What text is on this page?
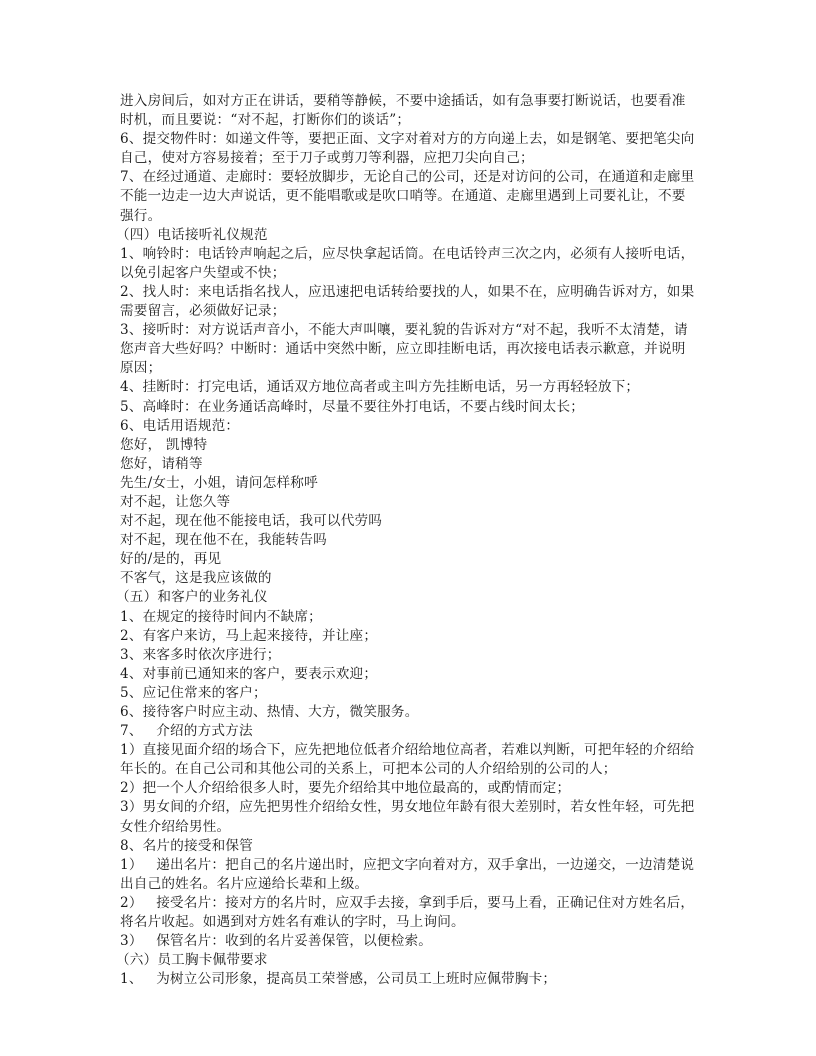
进入房间后，如对方正在讲话，要稍等静候，不要中途插话，如有急事要打断说话，也要看准
时机，而且要说：“对不起，打断你们的谈话”；
6、提交物件时：如递文件等，要把正面、文字对着对方的方向递上去，如是钢笔、要把笔尖向
自己，使对方容易接着；至于刀子或剪刀等利器，应把刀尖向自己；
7、在经过通道、走廊时：要轻放脚步，无论自己的公司，还是对访问的公司，在通道和走廊里
不能一边走一边大声说话，更不能唱歌或是吹口哨等。在通道、走廊里遇到上司要礼让，不要
强行。
（四）电话接听礼仪规范
1、响铃时：电话铃声响起之后，应尽快拿起话筒。在电话铃声三次之内，必须有人接听电话，
以免引起客户失望或不快；
2、找人时：来电话指名找人，应迅速把电话转给要找的人，如果不在，应明确告诉对方，如果
需要留言，必须做好记录；
3、接听时：对方说话声音小，不能大声叫嚷，要礼貌的告诉对方“对不起，我听不太清楚，请
您声音大些好吗？中断时：通话中突然中断，应立即挂断电话，再次接电话表示歉意，并说明
原因；
4、挂断时：打完电话，通话双方地位高者或主叫方先挂断电话，另一方再轻轻放下；
5、高峰时：在业务通话高峰时，尽量不要往外打电话，不要占线时间太长；
6、电话用语规范：
您好， 凯博特
您好，请稍等
先生/女士，小姐，请问怎样称呼
对不起，让您久等
对不起，现在他不能接电话，我可以代劳吗
对不起，现在他不在，我能转告吗
好的/是的，再见
不客气，这是我应该做的
（五）和客户的业务礼仪
1、在规定的接待时间内不缺席；
2、有客户来访，马上起来接待，并让座；
3、来客多时依次序进行；
4、对事前已通知来的客户，要表示欢迎；
5、应记住常来的客户；
6、接待客户时应主动、热情、大方，微笑服务。
7、   介绍的方式方法
1）直接见面介绍的场合下，应先把地位低者介绍给地位高者，若难以判断，可把年轻的介绍给
年长的。在自己公司和其他公司的关系上，可把本公司的人介绍给别的公司的人；
2）把一个人介绍给很多人时，要先介绍给其中地位最高的，或酌情而定；
3）男女间的介绍，应先把男性介绍给女性，男女地位年龄有很大差别时，若女性年轻，可先把
女性介绍给男性。
8、名片的接受和保管
1）   递出名片：把自己的名片递出时，应把文字向着对方，双手拿出，一边递交，一边清楚说
出自己的姓名。名片应递给长辈和上级。
2）   接受名片：接对方的名片时，应双手去接，拿到手后，要马上看，正确记住对方姓名后，
将名片收起。如遇到对方姓名有难认的字时，马上询问。
3）   保管名片：收到的名片妥善保管，以便检索。
（六）员工胸卡佩带要求
1、   为树立公司形象，提高员工荣誉感，公司员工上班时应佩带胸卡；
